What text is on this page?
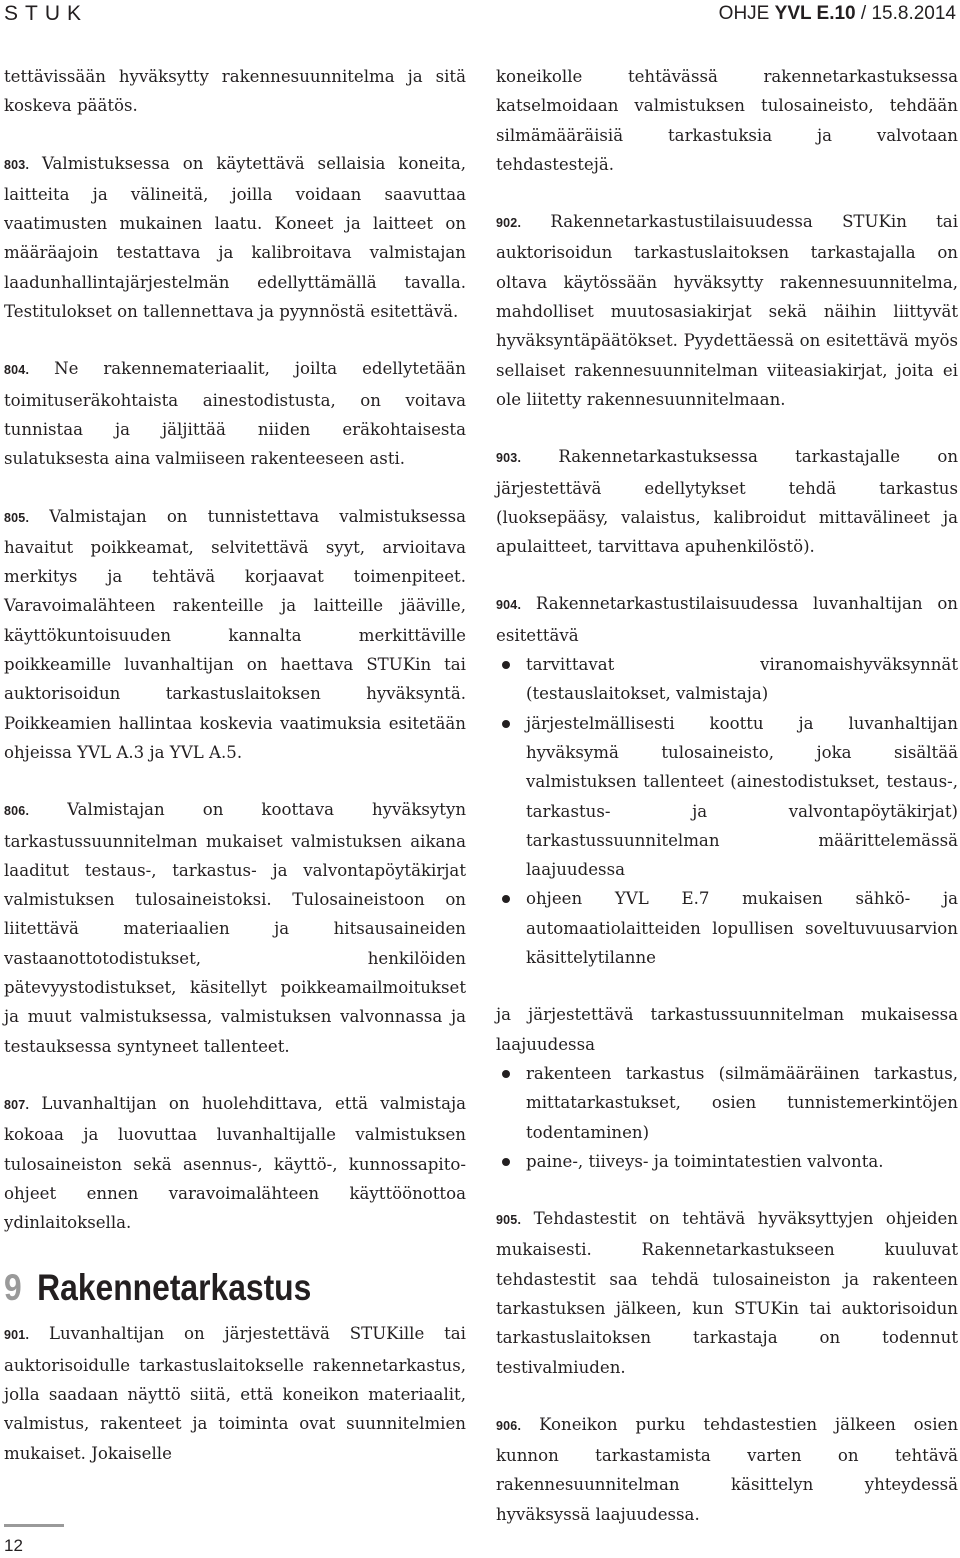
STUK	OHJE YVL E.10 / 15.8.2014

tettävissään hyväksytty rakennesuunnitelma ja sitä koskeva päätös.

803. Valmistuksessa on käytettävä sellaisia koneita, laitteita ja välineitä, joilla voidaan saavuttaa vaatimusten mukainen laatu. Koneet ja laitteet on määräajoin testattava ja kalibroitava valmistajan laadunhallintajärjestelmän edellyttämällä tavalla. Testitulokset on tallennettava ja pyynnöstä esitettävä.

804. Ne rakennemateriaalit, joilta edellytetään toimituseräkohtaista ainestodistusta, on voitava tunnistaa ja jäljittää niiden eräkohtaisesta sulatuksesta aina valmiiseen rakenteeseen asti.

805. Valmistajan on tunnistettava valmistuksessa havaitut poikkeamat, selvitettävä syyt, arvioitava merkitys ja tehtävä korjaavat toimenpiteet. Varavoimalähteen rakenteille ja laitteille jääville, käyttökuntoisuuden kannalta merkittäville poikkeamille luvanhaltijan on haettava STUKin tai auktorisoidun tarkastuslaitoksen hyväksyntä. Poikkeamien hallintaa koskevia vaatimuksia esitetään ohjeissa YVL A.3 ja YVL A.5.

806. Valmistajan on koottava hyväksytyn tarkastussuunnitelman mukaiset valmistuksen aikana laaditut testaus-, tarkastus- ja valvontapöytäkirjat valmistuksen tulosaineistoksi. Tulosaineistoon on liitettävä materiaalien ja hitsausaineiden vastaanottotodistukset, henkilöiden pätevyystodistukset, käsitellyt poikkeamailmoitukset ja muut valmistuksessa, valmistuksen valvonnassa ja testauksessa syntyneet tallenteet.

807. Luvanhaltijan on huolehdittava, että valmistaja kokoaa ja luovuttaa luvanhaltijalle valmistuksen tulosaineiston sekä asennus-, käyttö-, kunnossapito-ohjeet ennen varavoimalähteen käyttöönottoa ydinlaitoksella.

9 Rakennetarkastus

901. Luvanhaltijan on järjestettävä STUKille tai auktorisoidulle tarkastuslaitokselle rakennetarkastus, jolla saadaan näyttö siitä, että koneikon materiaalit, valmistus, rakenteet ja toiminta ovat suunnitelmien mukaiset. Jokaiselle

koneikolle tehtävässä rakennetarkastuksessa katselmoidaan valmistuksen tulosaineisto, tehdään silmämääräisiä tarkastuksia ja valvotaan tehdastestejä.

902. Rakennetarkastustilaisuudessa STUKin tai auktorisoidun tarkastuslaitoksen tarkastajalla on oltava käytössään hyväksytty rakennesuunnitelma, mahdolliset muutosasiakirjat sekä näihin liittyvät hyväksyntäpäätökset. Pyydettäessä on esitettävä myös sellaiset rakennesuunnitelman viiteasiakirjat, joita ei ole liitetty rakennesuunnitelmaan.

903. Rakennetarkastuksessa tarkastajalle on järjestettävä edellytykset tehdä tarkastus (luoksepääsy, valaistus, kalibroidut mittavälineet ja apulaitteet, tarvittava apuhenkilöstö).

904. Rakennetarkastustilaisuudessa luvanhaltijan on esitettävä

tarvittavat viranomaishyväksynnät (testauslaitokset, valmistaja)
järjestelmällisesti koottu ja luvanhaltijan hyväksymä tulosaineisto, joka sisältää valmistuksen tallenteet (ainestodistukset, testaus-, tarkastus- ja valvontapöytäkirjat) tarkastussuunnitelman määrittelemässä laajuudessa
ohjeen YVL E.7 mukaisen sähkö- ja automaatiolaitteiden lopullisen soveltuvuusarvion käsittelytilanne

ja järjestettävä tarkastussuunnitelman mukaisessa laajuudessa

rakenteen tarkastus (silmämääräinen tarkastus, mittatarkastukset, osien tunnistemerkintöjen todentaminen)
paine-, tiiveys- ja toimintatestien valvonta.

905. Tehdastestit on tehtävä hyväksyttyjen ohjeiden mukaisesti. Rakennetarkastukseen kuuluvat tehdastestit saa tehdä tulosaineiston ja rakenteen tarkastuksen jälkeen, kun STUKin tai auktorisoidun tarkastuslaitoksen tarkastaja on todennut testivalmiuden.

906. Koneikon purku tehdastestien jälkeen osien kunnon tarkastamista varten on tehtävä rakennesuunnitelman käsittelyn yhteydessä hyväksyssä laajuudessa.

12
